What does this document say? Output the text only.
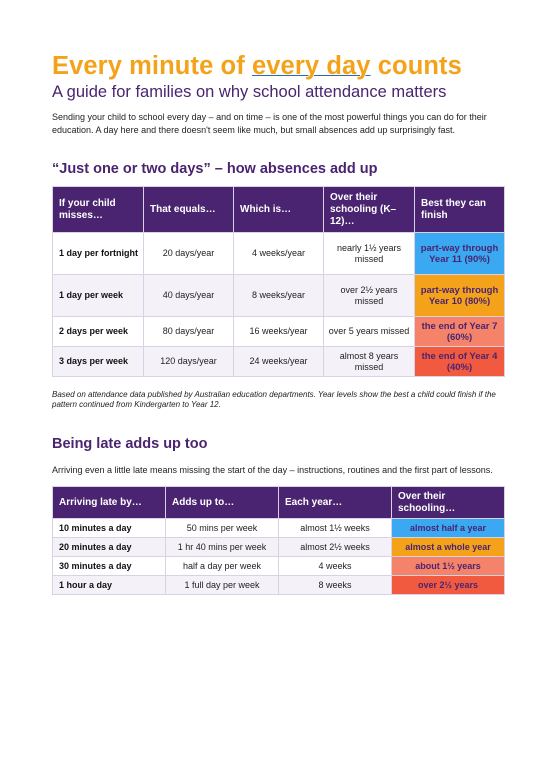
Every minute of every day counts
A guide for families on why school attendance matters

Sending your child to school every day – and on time – is one of the most powerful things you can do for their education. A day here and there doesn't seem like much, but small absences add up surprisingly fast.

“Just one or two days” – how absences add up
If your child misses…	That equals…	Which is…	Over their schooling (K–12)…	Best they can finish
1 day per fortnight	20 days/year	4 weeks/year	nearly 1½ years missed	part-way through Year 11 (90%)
1 day per week	40 days/year	8 weeks/year	over 2½ years missed	part-way through Year 10 (80%)
2 days per week	80 days/year	16 weeks/year	over 5 years missed	the end of Year 7 (60%)
3 days per week	120 days/year	24 weeks/year	almost 8 years missed	the end of Year 4 (40%)

Based on attendance data published by Australian education departments. Year levels show the best a child could finish if the pattern continued from Kindergarten to Year 12.

Being late adds up too

Arriving even a little late means missing the start of the day – instructions, routines and the first part of lessons.

Arriving late by…	Adds up to…	Each year…	Over their schooling…
10 minutes a day	50 mins per week	almost 1½ weeks	almost half a year
20 minutes a day	1 hr 40 mins per week	almost 2½ weeks	almost a whole year
30 minutes a day	half a day per week	4 weeks	about 1½ years
1 hour a day	1 full day per week	8 weeks	over 2½ years
